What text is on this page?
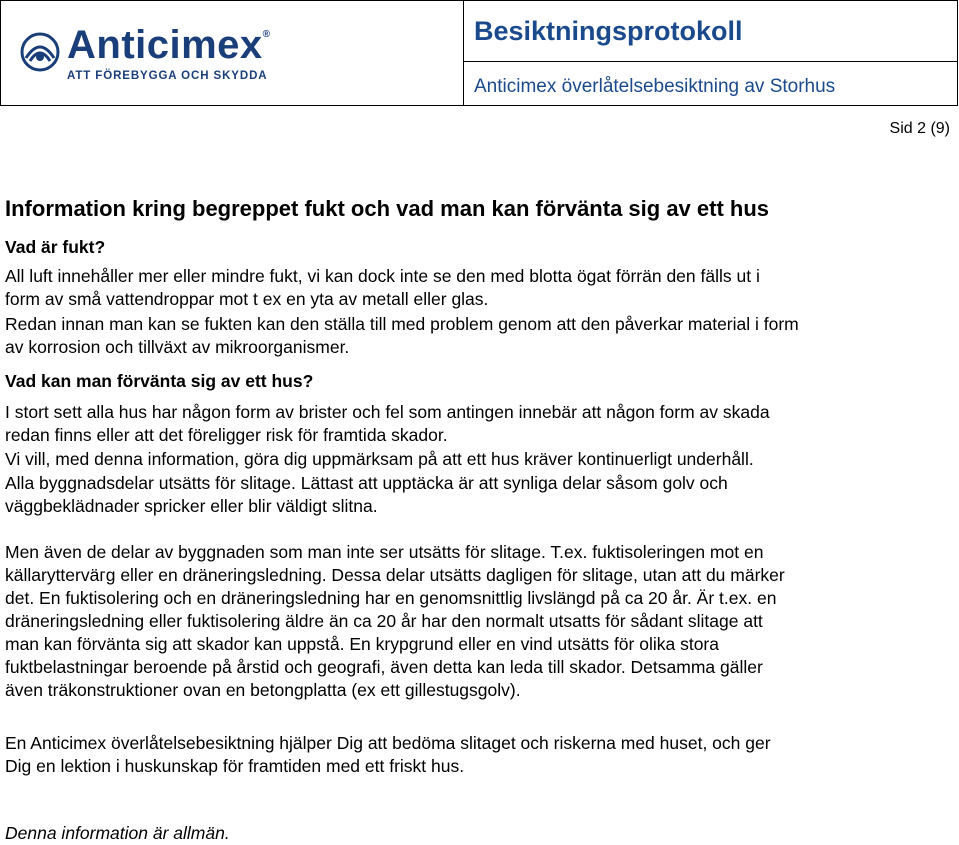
Anticimex®
ATT FÖREBYGGA OCH SKYDDA
Besiktningsprotokoll
Anticimex överlåtelsebesiktning av Storhus
Sid 2 (9)
Information kring begreppet fukt och vad man kan förvänta sig av ett hus
Vad är fukt?
All luft innehåller mer eller mindre fukt, vi kan dock inte se den med blotta ögat förrän den fälls ut i
form av små vattendroppar mot t ex en yta av metall eller glas.
Redan innan man kan se fukten kan den ställa till med problem genom att den påverkar material i form
av korrosion och tillväxt av mikroorganismer.
Vad kan man förvänta sig av ett hus?
I stort sett alla hus har någon form av brister och fel som antingen innebär att någon form av skada
redan finns eller att det föreligger risk för framtida skador.
Vi vill, med denna information, göra dig uppmärksam på att ett hus kräver kontinuerligt underhåll.
Alla byggnadsdelar utsätts för slitage. Lättast att upptäcka är att synliga delar såsom golv och
väggbeklädnader spricker eller blir väldigt slitna.
Men även de delar av byggnaden som man inte ser utsätts för slitage. T.ex. fuktisoleringen mot en
källarytterväгg eller en dräneringsledning. Dessa delar utsätts dagligen för slitage, utan att du märker
det. En fuktisolering och en dräneringsledning har en genomsnittlig livslängd på ca 20 år. Är t.ex. en
dräneringsledning eller fuktisolering äldre än ca 20 år har den normalt utsatts för sådant slitage att
man kan förvänta sig att skador kan uppstå. En krypgrund eller en vind utsätts för olika stora
fuktbelastningar beroende på årstid och geografi, även detta kan leda till skador. Detsamma gäller
även träkonstruktioner ovan en betongplatta (ex ett gillestugsgolv).
En Anticimex överlåtelsebesiktning hjälper Dig att bedöma slitaget och riskerna med huset, och ger
Dig en lektion i huskunskap för framtiden med ett friskt hus.
Denna information är allmän.
